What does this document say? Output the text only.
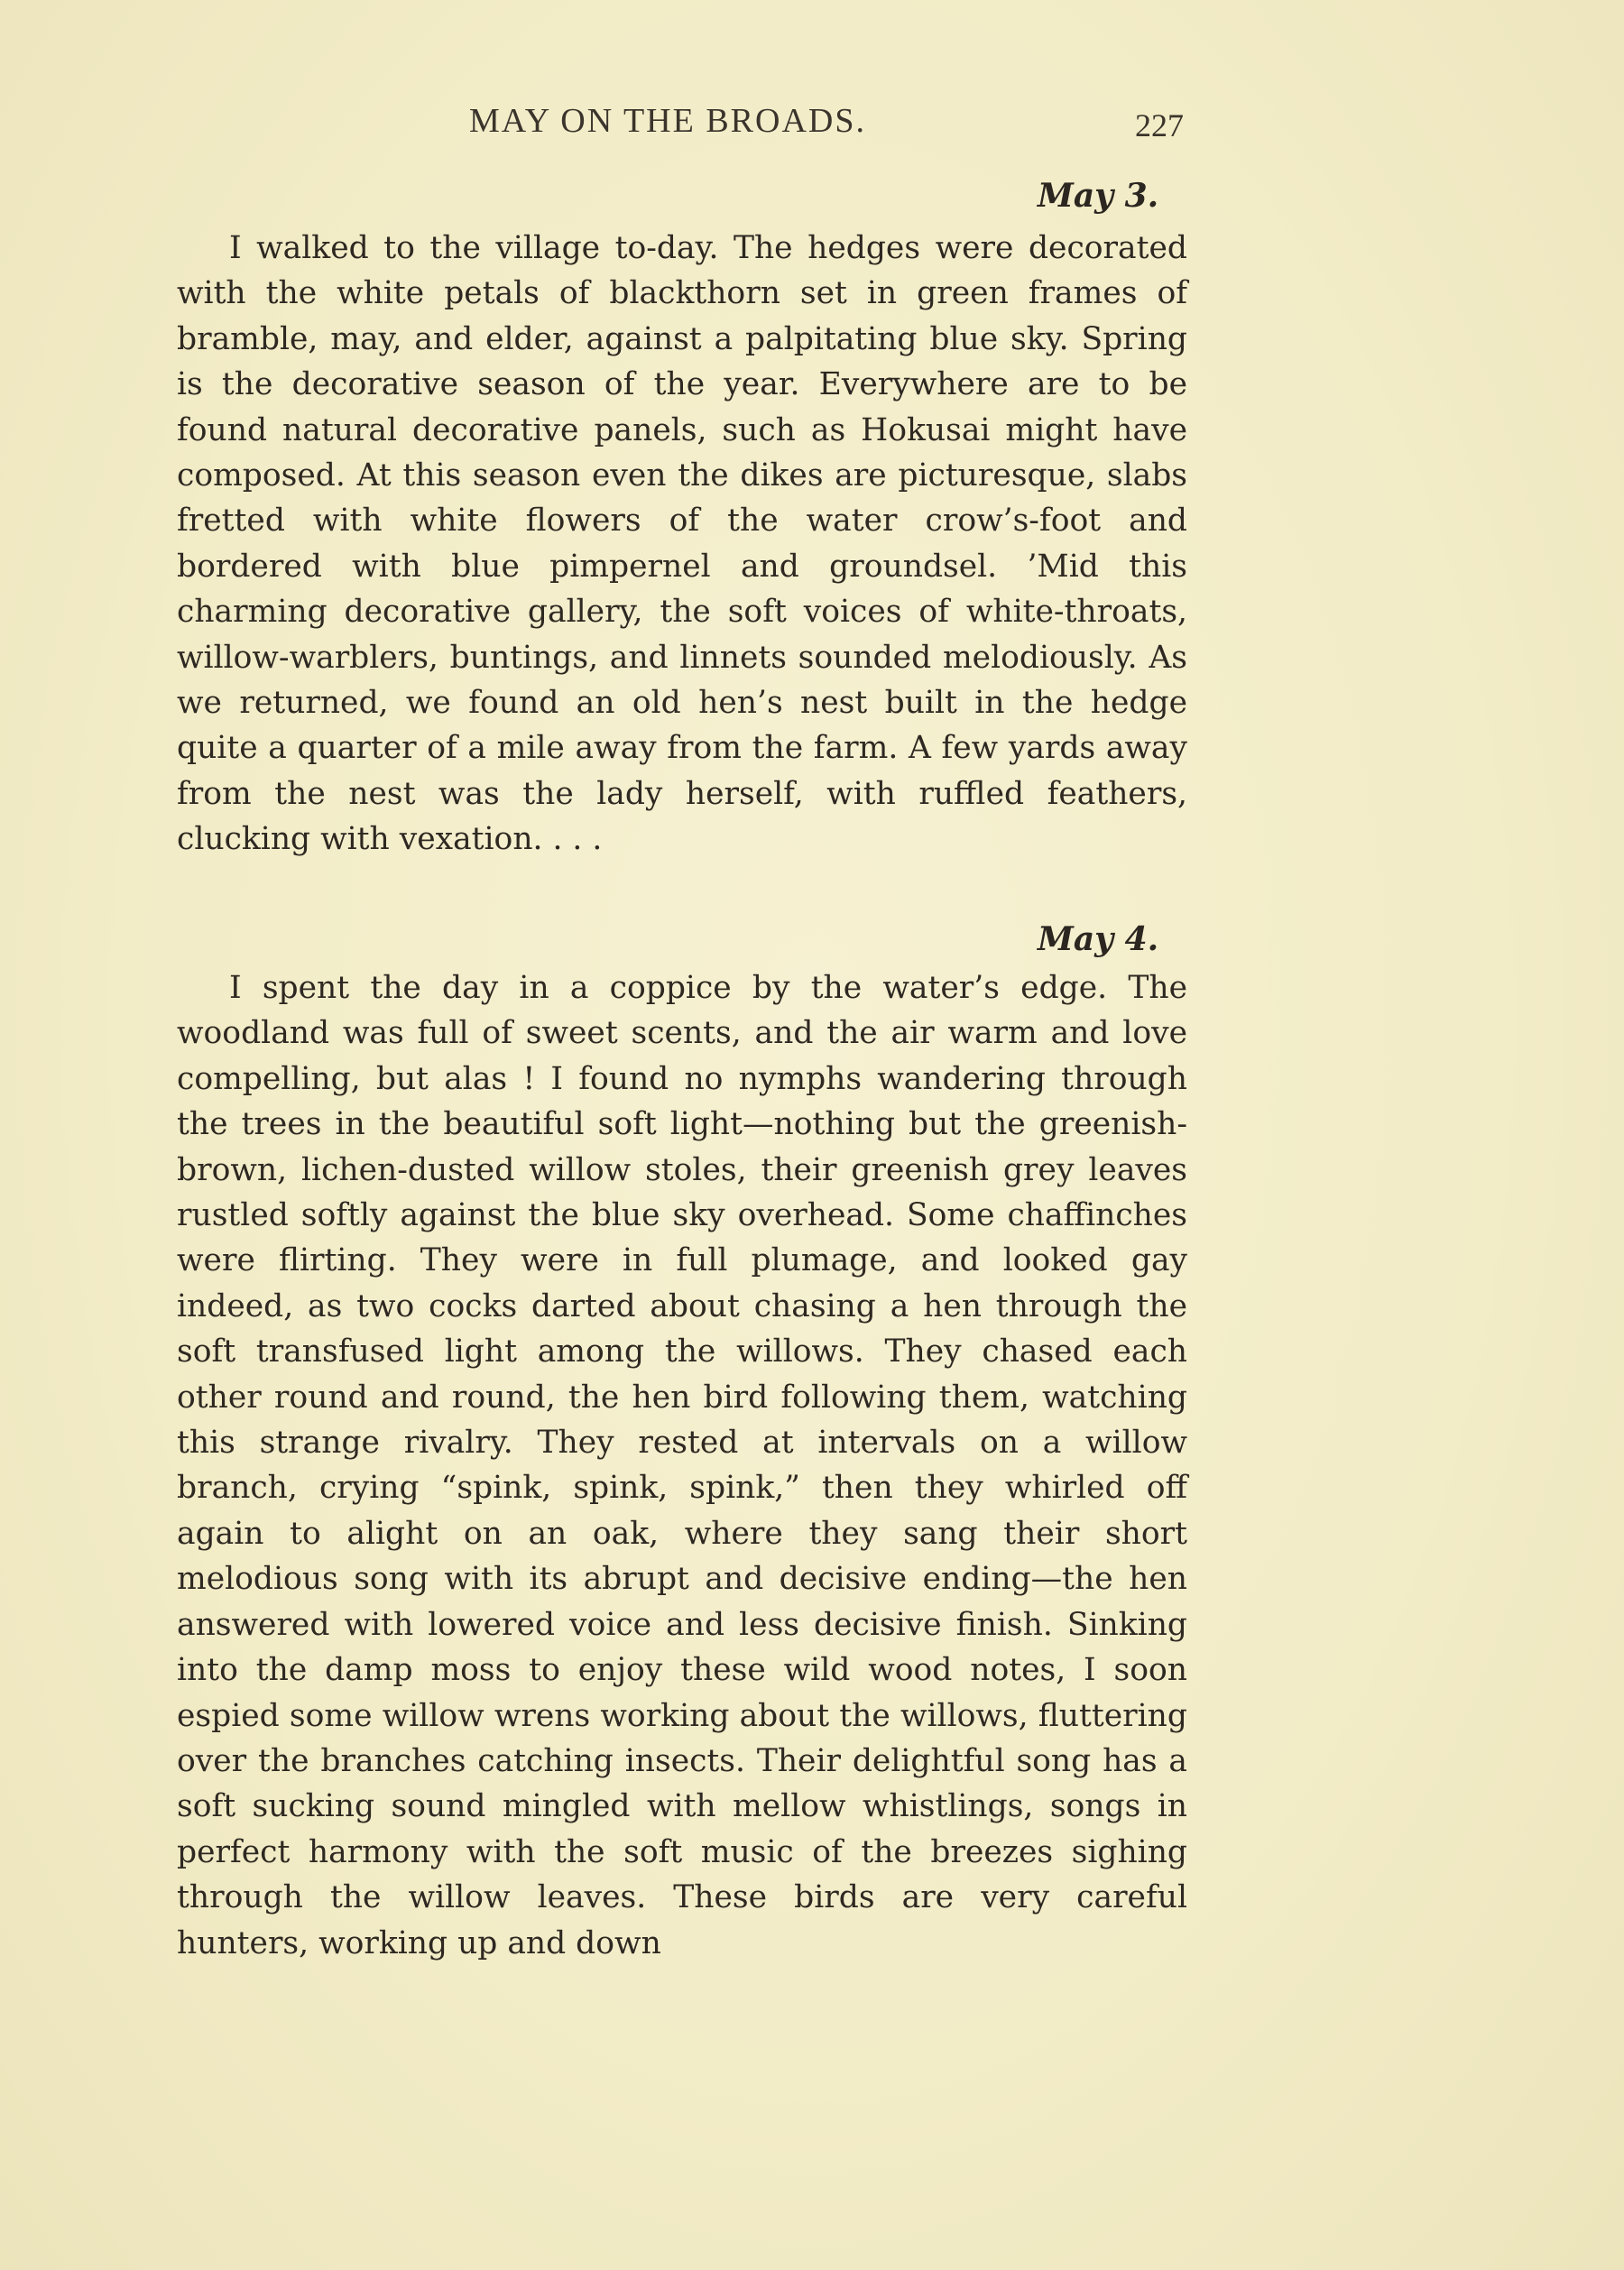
MAY ON THE BROADS.	227
May 3.

I walked to the village to-day. The hedges were decorated with the white petals of blackthorn set in green frames of bramble, may, and elder, against a palpitating blue sky. Spring is the decorative season of the year. Everywhere are to be found natural decorative panels, such as Hokusai might have composed. At this season even the dikes are picturesque, slabs fretted with white flowers of the water crow’s-foot and bordered with blue pimpernel and groundsel. ’Mid this charming decorative gallery, the soft voices of white-throats, willow-warblers, buntings, and linnets sounded melodiously. As we returned, we found an old hen’s nest built in the hedge quite a quarter of a mile away from the farm. A few yards away from the nest was the lady herself, with ruffled feathers, clucking with vexation. . . .

May 4.

I spent the day in a coppice by the water’s edge. The woodland was full of sweet scents, and the air warm and love compelling, but alas ! I found no nymphs wandering through the trees in the beautiful soft light—nothing but the greenish-brown, lichen-dusted willow stoles, their greenish grey leaves rustled softly against the blue sky overhead. Some chaffinches were flirting. They were in full plumage, and looked gay indeed, as two cocks darted about chasing a hen through the soft transfused light among the willows. They chased each other round and round, the hen bird following them, watching this strange rivalry. They rested at intervals on a willow branch, crying “spink, spink, spink,” then they whirled off again to alight on an oak, where they sang their short melodious song with its abrupt and decisive ending—the hen answered with lowered voice and less decisive finish. Sinking into the damp moss to enjoy these wild wood notes, I soon espied some willow wrens working about the willows, fluttering over the branches catching insects. Their delightful song has a soft sucking sound mingled with mellow whistlings, songs in perfect harmony with the soft music of the breezes sighing through the willow leaves. These birds are very careful hunters, working up and down
